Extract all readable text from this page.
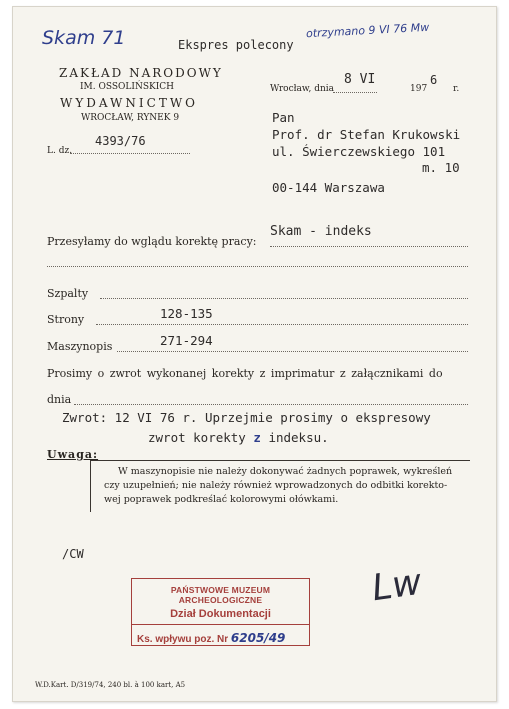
Skam 71	otrzymano 9 VI 76 Mw
Ekspres polecony
ZAKŁAD NARODOWY
IM. OSSOLIŃSKICH
WYDAWNICTWO
WROCŁAW, RYNEK 9
L. dz.
4393/76
Wrocław, dnia
8 VI
197
6
r.
Pan
Prof. dr Stefan Krukowski
ul. Świerczewskiego 101
m. 10
00-144 Warszawa
Przesyłamy do wglądu korektę pracy:
Skam - indeks
Szpalty
Strony	128-135
Maszynopis	271-294
Prosimy o zwrot wykonanej korekty z imprimatur z załącznikami do
dnia
Zwrot: 12 VI 76 r. Uprzejmie prosimy o ekspresowy
zwrot korekty z indeksu.
Uwaga:
W maszynopisie nie należy dokonywać żadnych poprawek, wykreśleń
czy uzupełnień; nie należy również wprowadzonych do odbitki korekto-
wej poprawek podkreślać kolorowymi ołówkami.
/CW
PAŃSTWOWE MUZEUM ARCHEOLOGICZNE
Dział Dokumentacji
Ks. wpływu poz. Nr 6205/49
Lw
W.D.Kart. D/319/74, 240 bl. à 100 kart, A5
